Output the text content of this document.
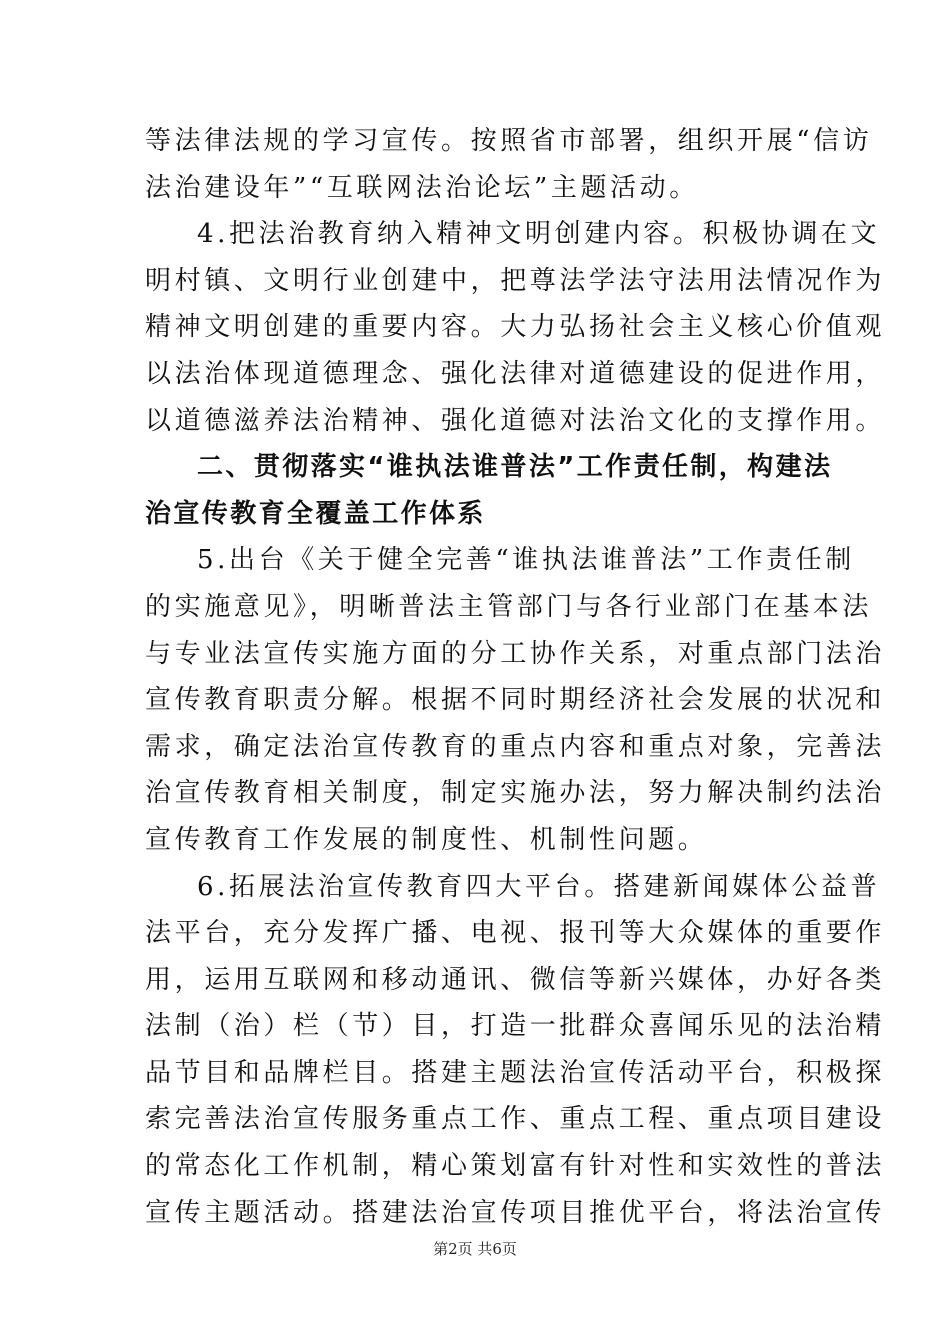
等法律法规的学习宣传。按照省市部署，组织开展“信访
法治建设年”“互联网法治论坛”主题活动。
4.把法治教育纳入精神文明创建内容。积极协调在文
明村镇、文明行业创建中，把尊法学法守法用法情况作为
精神文明创建的重要内容。大力弘扬社会主义核心价值观
以法治体现道德理念、强化法律对道德建设的促进作用，
以道德滋养法治精神、强化道德对法治文化的支撑作用。
二、贯彻落实“谁执法谁普法”工作责任制，构建法
治宣传教育全覆盖工作体系
5.出台《关于健全完善“谁执法谁普法”工作责任制
的实施意见》，明晰普法主管部门与各行业部门在基本法
与专业法宣传实施方面的分工协作关系，对重点部门法治
宣传教育职责分解。根据不同时期经济社会发展的状况和
需求，确定法治宣传教育的重点内容和重点对象，完善法
治宣传教育相关制度，制定实施办法，努力解决制约法治
宣传教育工作发展的制度性、机制性问题。
6.拓展法治宣传教育四大平台。搭建新闻媒体公益普
法平台，充分发挥广播、电视、报刊等大众媒体的重要作
用，运用互联网和移动通讯、微信等新兴媒体，办好各类
法制（治）栏（节）目，打造一批群众喜闻乐见的法治精
品节目和品牌栏目。搭建主题法治宣传活动平台，积极探
索完善法治宣传服务重点工作、重点工程、重点项目建设
的常态化工作机制，精心策划富有针对性和实效性的普法
宣传主题活动。搭建法治宣传项目推优平台，将法治宣传
第2页 共6页
